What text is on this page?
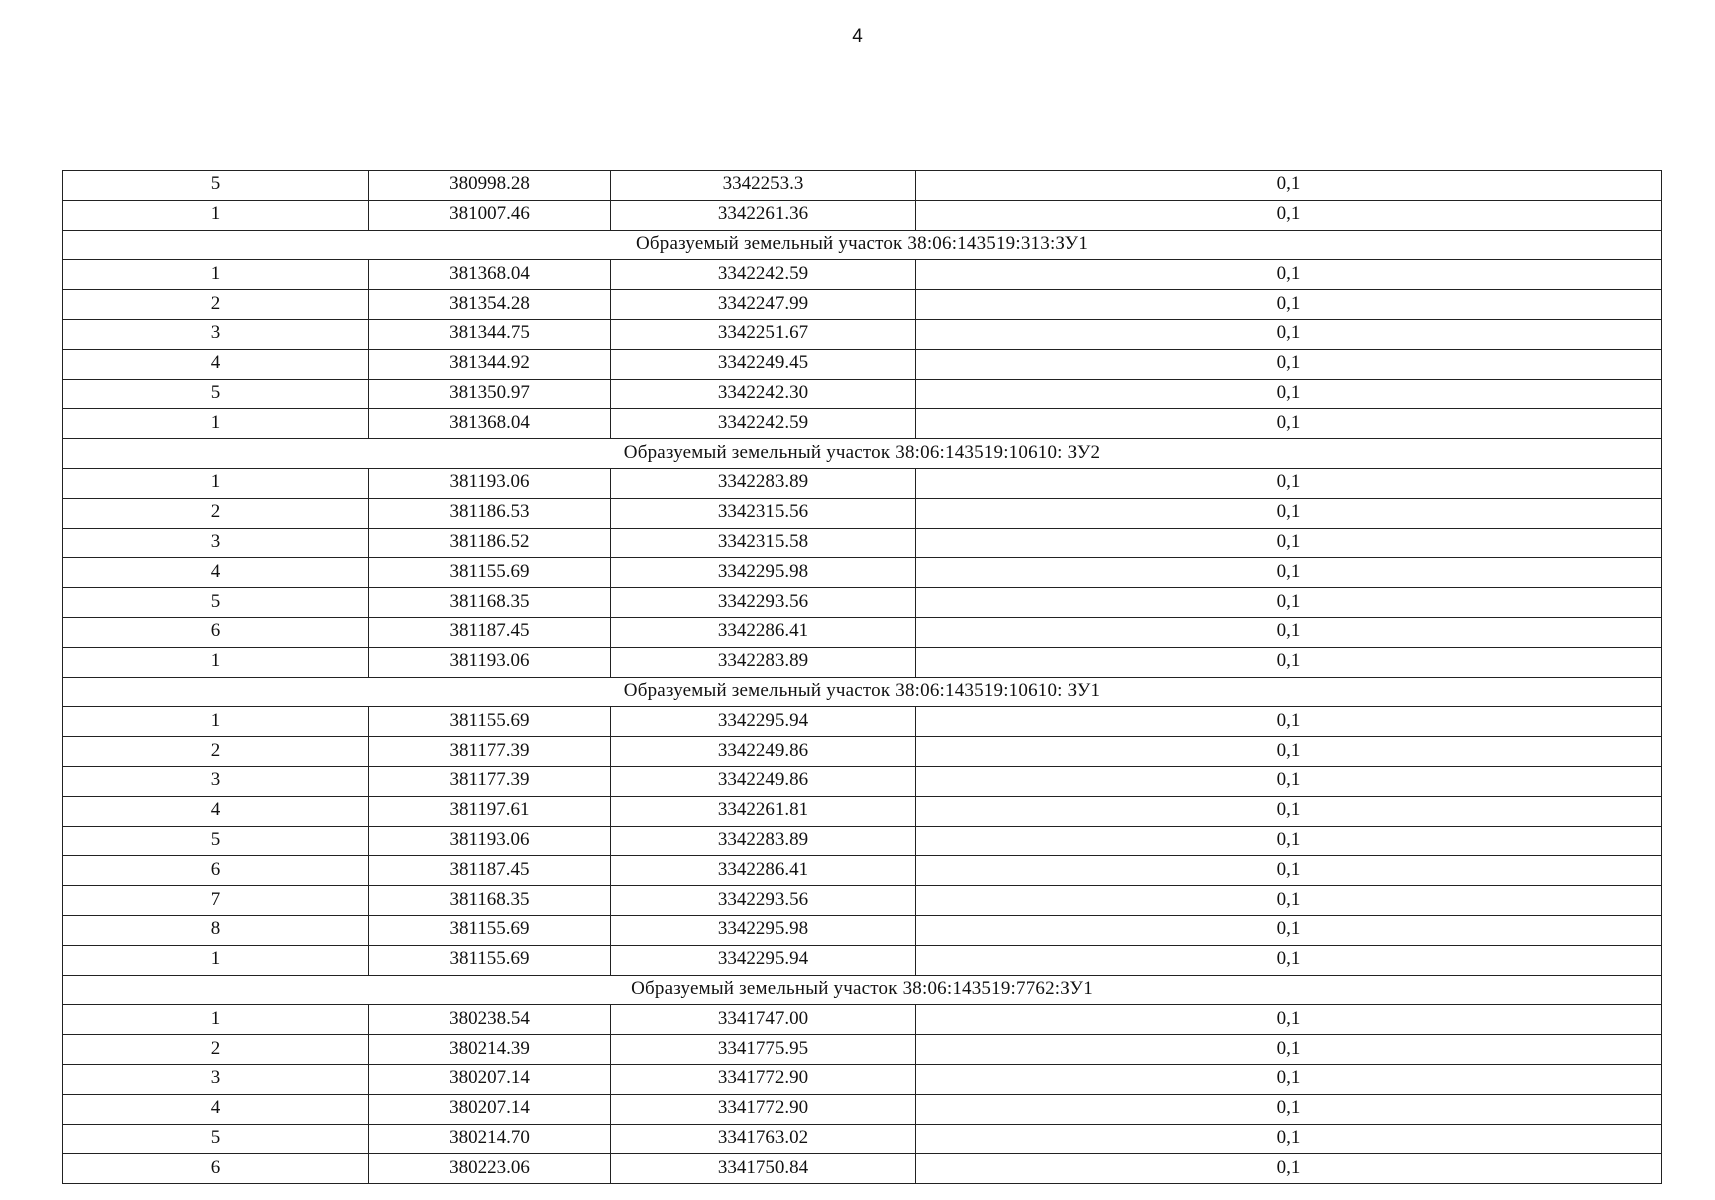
4
5	380998.28	3342253.3	0,1
1	381007.46	3342261.36	0,1
Образуемый земельный участок 38:06:143519:313:ЗУ1			
1	381368.04	3342242.59	0,1
2	381354.28	3342247.99	0,1
3	381344.75	3342251.67	0,1
4	381344.92	3342249.45	0,1
5	381350.97	3342242.30	0,1
1	381368.04	3342242.59	0,1
Образуемый земельный участок 38:06:143519:10610: ЗУ2			
1	381193.06	3342283.89	0,1
2	381186.53	3342315.56	0,1
3	381186.52	3342315.58	0,1
4	381155.69	3342295.98	0,1
5	381168.35	3342293.56	0,1
6	381187.45	3342286.41	0,1
1	381193.06	3342283.89	0,1
Образуемый земельный участок 38:06:143519:10610: ЗУ1			
1	381155.69	3342295.94	0,1
2	381177.39	3342249.86	0,1
3	381177.39	3342249.86	0,1
4	381197.61	3342261.81	0,1
5	381193.06	3342283.89	0,1
6	381187.45	3342286.41	0,1
7	381168.35	3342293.56	0,1
8	381155.69	3342295.98	0,1
1	381155.69	3342295.94	0,1
Образуемый земельный участок 38:06:143519:7762:ЗУ1			
1	380238.54	3341747.00	0,1
2	380214.39	3341775.95	0,1
3	380207.14	3341772.90	0,1
4	380207.14	3341772.90	0,1
5	380214.70	3341763.02	0,1
6	380223.06	3341750.84	0,1
